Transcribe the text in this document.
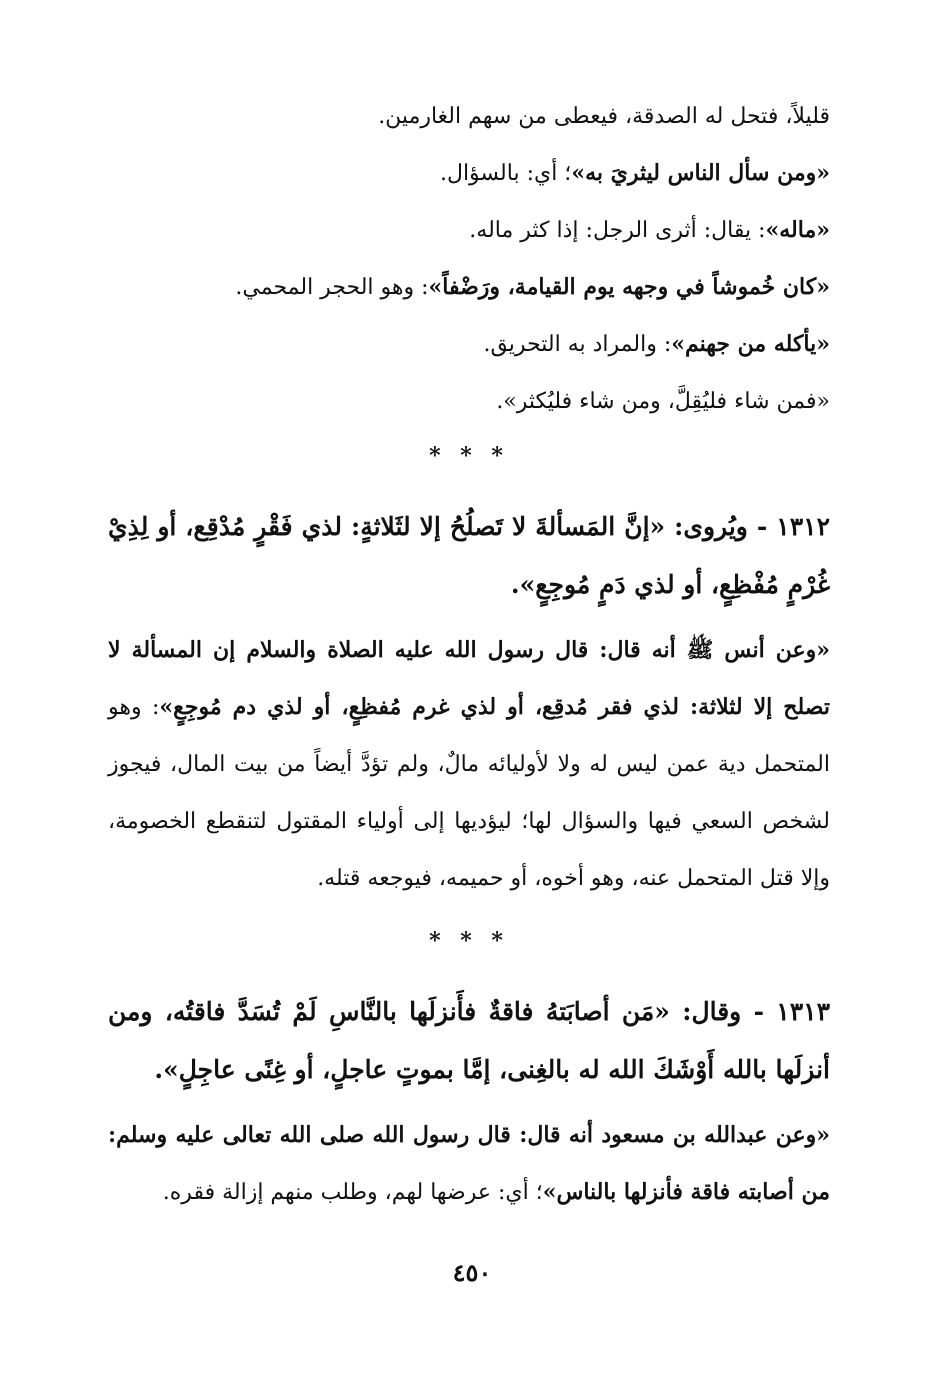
قليلاً، فتحل له الصدقة، فيعطى من سهم الغارمين.

«ومن سأل الناس ليثريَ به»؛ أي: بالسؤال.

«ماله»: يقال: أثرى الرجل: إذا كثر ماله.

«كان خُموشاً في وجهه يوم القيامة، ورَضْفاً»: وهو الحجر المحمي.

«يأكله من جهنم»: والمراد به التحريق.

«فمن شاء فليُقِلَّ، ومن شاء فليُكثر».

* * *

١٣١٢ - ويُروى: «إنَّ المَسألةَ لا تَصلُحُ إلا لثَلاثةٍ: لذي فَقْرٍ مُدْقِع، أو لِذِيْ غُرْمٍ مُفْظِعٍ، أو لذي دَمٍ مُوجِعٍ».

«وعن أنس ﷺ أنه قال: قال رسول الله عليه الصلاة والسلام إن المسألة لا تصلح إلا لثلاثة: لذي فقر مُدقِع، أو لذي غرم مُفظِعٍ، أو لذي دم مُوجِعٍ»: وهو المتحمل دية عمن ليس له ولا لأوليائه مالٌ، ولم تؤدَّ أيضاً من بيت المال، فيجوز لشخص السعي فيها والسؤال لها؛ ليؤديها إلى أولياء المقتول لتنقطع الخصومة، وإلا قتل المتحمل عنه، وهو أخوه، أو حميمه، فيوجعه قتله.

* * *

١٣١٣ - وقال: «مَن أصابَتهُ فاقةٌ فأَنزلَها بالنَّاسِ لَمْ تُسَدَّ فاقتُه، ومن أنزلَها بالله أَوْشَكَ الله له بالغِنى، إمَّا بموتٍ عاجلٍ، أو غِنًى عاجِلٍ».

«وعن عبدالله بن مسعود أنه قال: قال رسول الله صلى الله تعالى عليه وسلم: من أصابته فاقة فأنزلها بالناس»؛ أي: عرضها لهم، وطلب منهم إزالة فقره.

٤٥٠
